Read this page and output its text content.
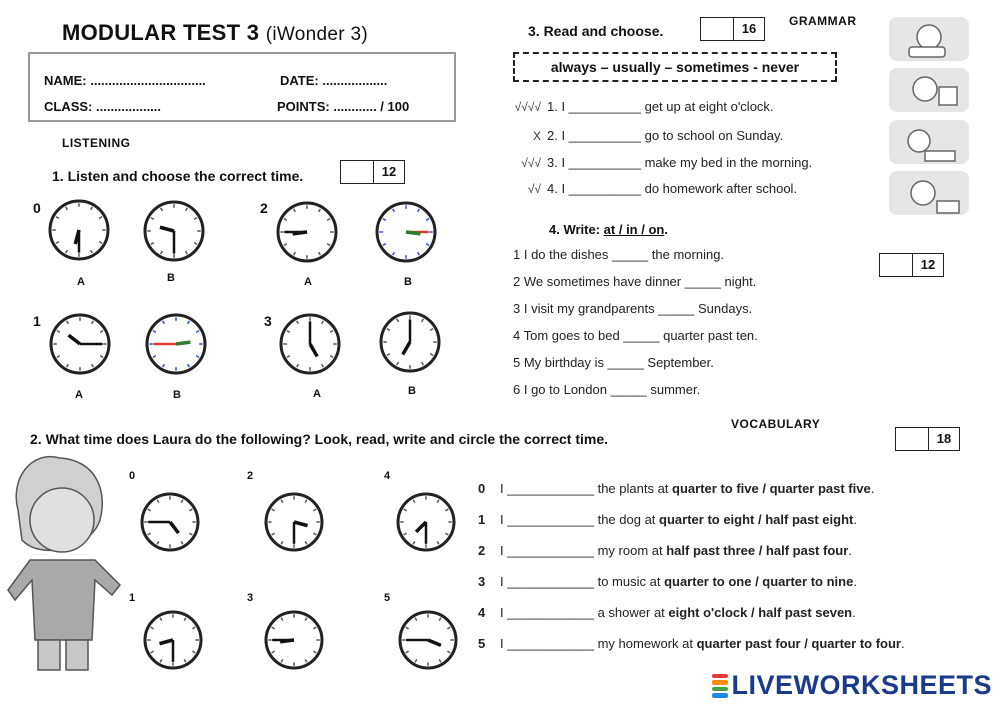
MODULAR TEST 3 (iWonder 3)
NAME: ................................	DATE: ..................
CLASS: ..................	POINTS: ............ / 100
LISTENING
1. Listen and choose the correct time.	12
0	2
1	3
A	B	A	B
A	B	A	B
2. What time does Laura do the following? Look, read, write and circle the correct time.
0	2	4
1	3	5
3. Read and choose.	16	GRAMMAR
always – usually – sometimes - never
√√√√ 1. I __________ get up at eight o'clock.
X 2. I __________ go to school on Sunday.
√√√ 3. I __________ make my bed in the morning.
√√ 4. I __________ do homework after school.
4. Write: at / in / on.
12
1 I do the dishes _____ the morning.
2 We sometimes have dinner _____ night.
3 I visit my grandparents _____ Sundays.
4 Tom goes to bed _____ quarter past ten.
5 My birthday is _____ September.
6 I go to London _____ summer.
VOCABULARY
18
0 I ____________ the plants at quarter to five / quarter past five.
1 I ____________ the dog at quarter to eight / half past eight.
2 I ____________ my room at half past three / half past four.
3 I ____________ to music at quarter to one / quarter to nine.
4 I ____________ a shower at eight o'clock / half past seven.
5 I ____________ my homework at quarter past four / quarter to four.
LIVEWORKSHEETS
